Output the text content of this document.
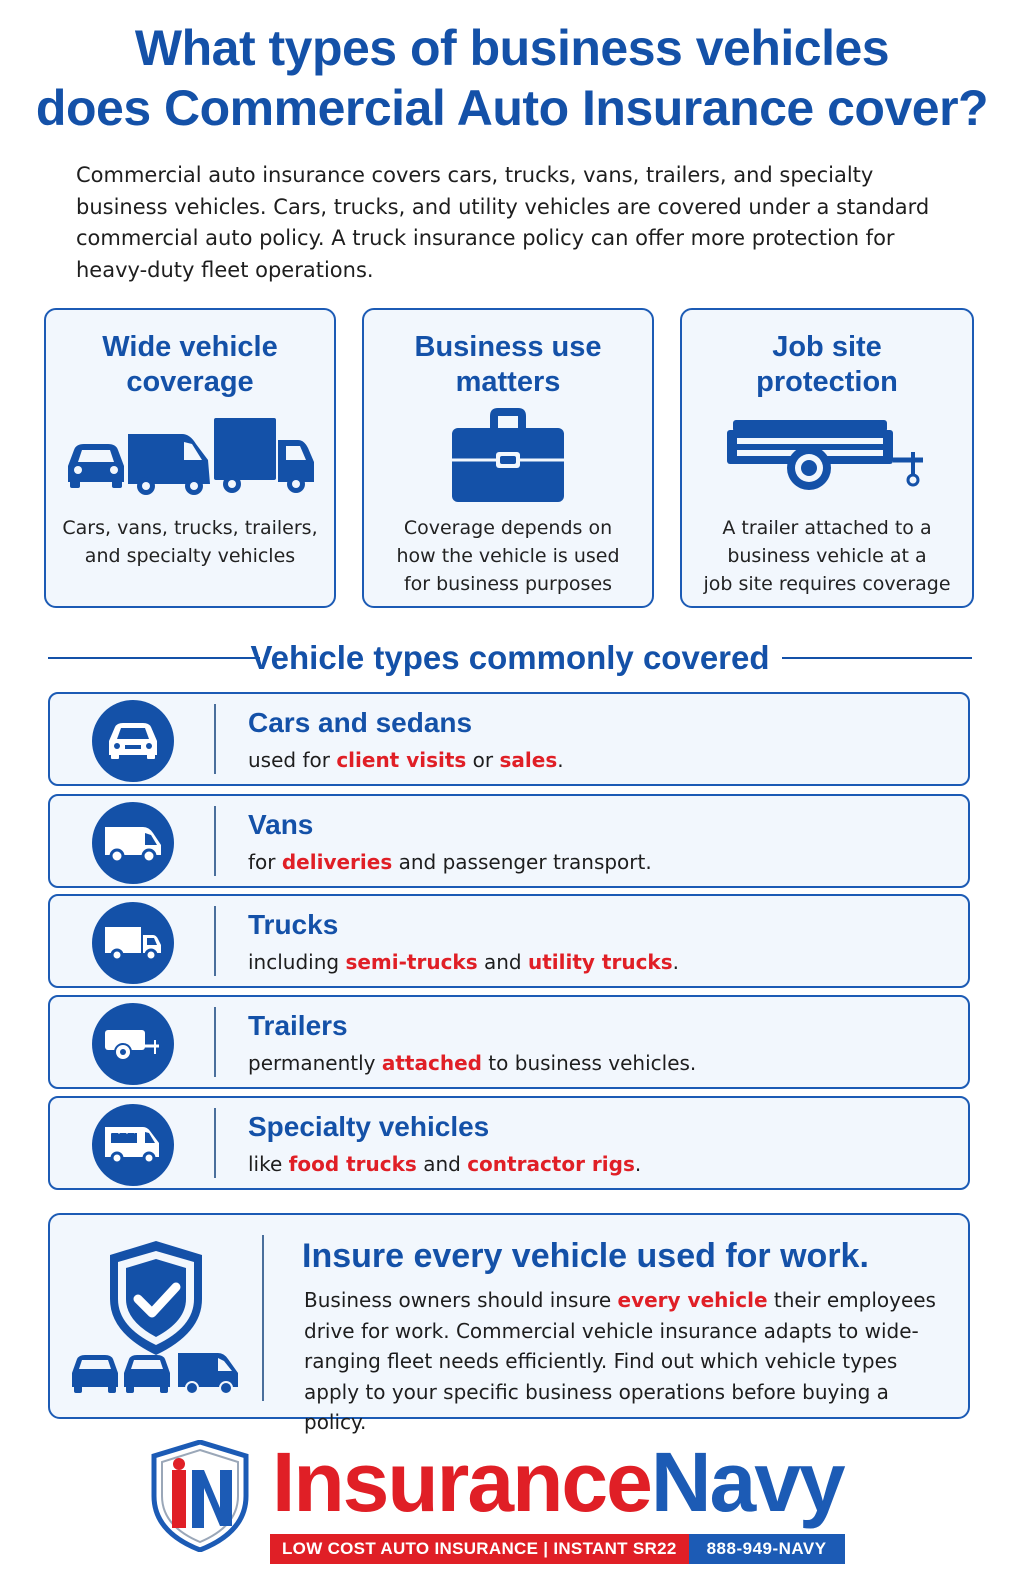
What types of business vehicles
does Commercial Auto Insurance cover?
Commercial auto insurance covers cars, trucks, vans, trailers, and specialty business vehicles. Cars, trucks, and utility vehicles are covered under a standard commercial auto policy. A truck insurance policy can offer more protection for heavy-duty fleet operations.
Wide vehicle
coverage
Cars, vans, trucks, trailers,
and specialty vehicles
Business use
matters
Coverage depends on
how the vehicle is used
for business purposes
Job site
protection
A trailer attached to a
business vehicle at a
job site requires coverage
Vehicle types commonly covered
Cars and sedans
used for client visits or sales.
Vans
for deliveries and passenger transport.
Trucks
including semi-trucks and utility trucks.
Trailers
permanently attached to business vehicles.
Specialty vehicles
like food trucks and contractor rigs.
Insure every vehicle used for work.
Business owners should insure every vehicle their employees drive for work. Commercial vehicle insurance adapts to wide-ranging fleet needs efficiently. Find out which vehicle types apply to your specific business operations before buying a policy.
InsuranceNavy
LOW COST AUTO INSURANCE | INSTANT SR22	888-949-NAVY
